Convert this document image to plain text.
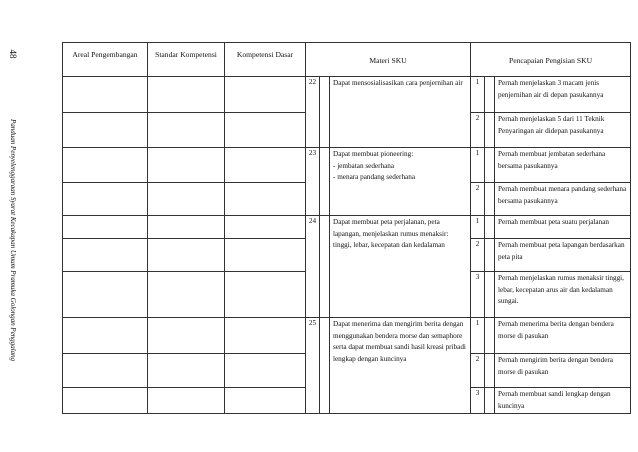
48
Panduan Penyelenggaraan Syarat Kecakapan Umum Pramuka Golongan Penggalang
Areal Pengembangan	Standar Kompetensi	Kompetensi Dasar	Materi SKU			Pencapaian Pengisian SKU		
			22		Dapat mensosialisasikan cara penjernihan air	1		Pernah menjelaskan 3 macam jenis penjernihan air di depan pasukannya
						2		Pernah menjelaskan 5 dari 11 Teknik Penyaringan air didepan pasukannya
			23		Dapat membuat pioneering:
- jembatan sederhana
- menara pandang sederhana	1		Pernah membuat jembatan sederhana bersama pasukannya
						2		Pernah membuat menara pandang sederhana bersama pasukannya
			24		Dapat membuat peta perjalanan, peta lapangan, menjelaskan rumus menaksir: tinggi, lebar, kecepatan dan kedalaman	1		Pernah membuat peta suatu perjalanan
						2		Pernah membuat peta lapangan berdasarkan peta pita
						3		Pernah menjelaskan rumus menaksir tinggi, lebar, kecepatan arus air dan kedalaman sungai.
			25		Dapat menerima dan mengirim berita dengan menggunakan bendera morse dan semaphore serta dapat membuat sandi hasil kreasi pribadi lengkap dengan kuncinya	1		Pernah menerima berita dengan bendera morse di pasukan
						2		Pernah mengirim berita dengan bendera morse di pasukan
						3		Pernah membuat sandi lengkap dengan kuncinya
